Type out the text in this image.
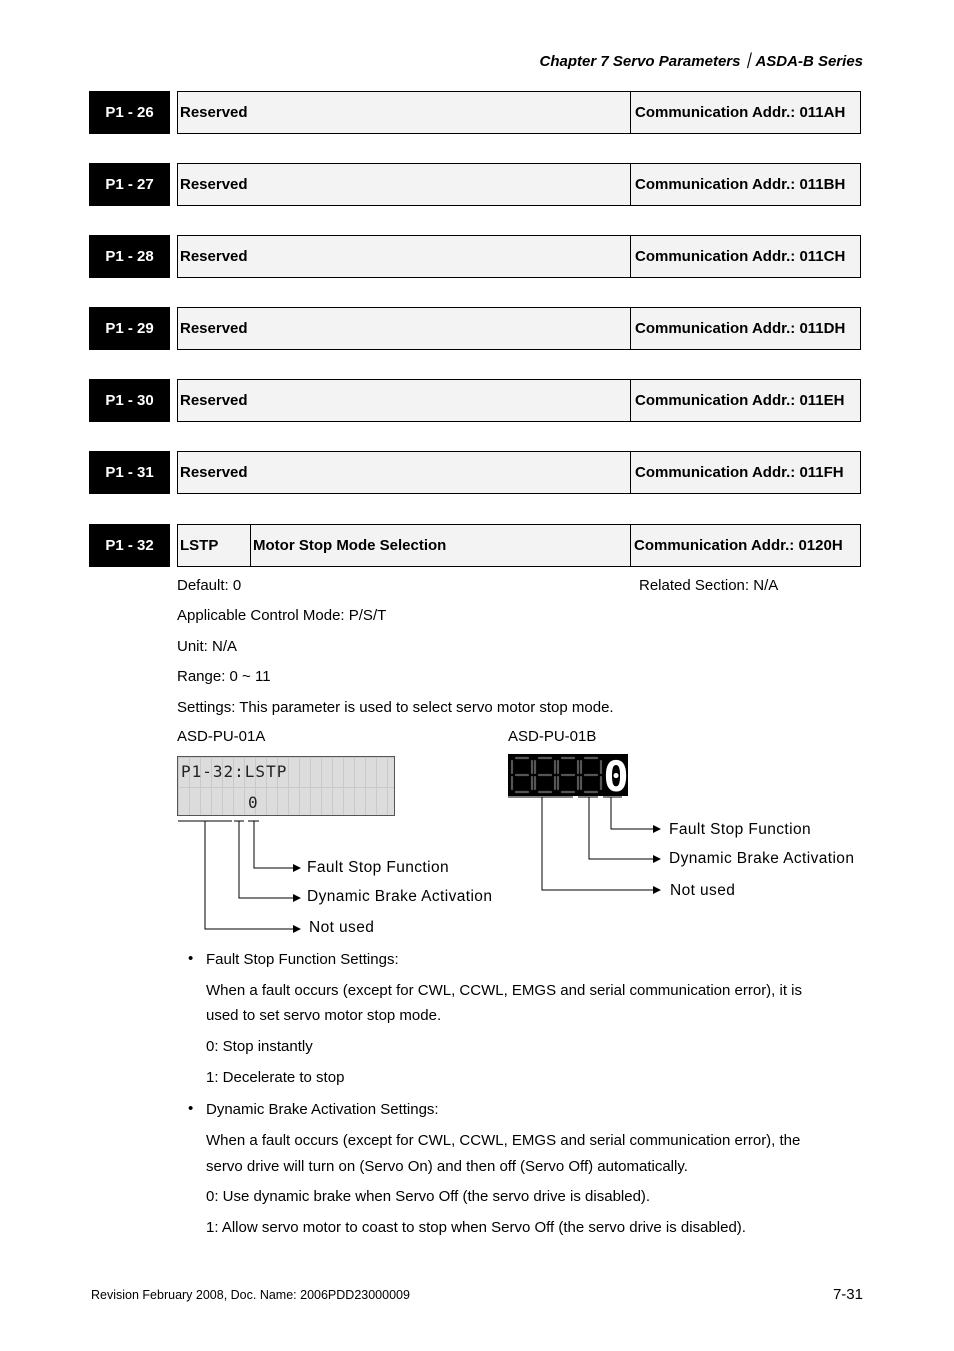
Chapter 7 Servo Parameters｜ASDA-B Series
P1 - 26	Reserved	Communication Addr.: 011AH
P1 - 27	Reserved	Communication Addr.: 011BH
P1 - 28	Reserved	Communication Addr.: 011CH
P1 - 29	Reserved	Communication Addr.: 011DH
P1 - 30	Reserved	Communication Addr.: 011EH
P1 - 31	Reserved	Communication Addr.: 011FH
P1 - 32	LSTP	Motor Stop Mode Selection	Communication Addr.: 0120H
Default: 0	Related Section: N/A
Applicable Control Mode: P/S/T
Unit: N/A
Range: 0 ~ 11
Settings: This parameter is used to select servo motor stop mode.
ASD-PU-01A	ASD-PU-01B
P1-32:LSTP
0
0
Fault Stop Function
Dynamic Brake Activation
Not used
Fault Stop Function
Dynamic Brake Activation
Not used
• Fault Stop Function Settings:
When a fault occurs (except for CWL, CCWL, EMGS and serial communication error), it is
used to set servo motor stop mode.
0: Stop instantly
1: Decelerate to stop
• Dynamic Brake Activation Settings:
When a fault occurs (except for CWL, CCWL, EMGS and serial communication error), the
servo drive will turn on (Servo On) and then off (Servo Off) automatically.
0: Use dynamic brake when Servo Off (the servo drive is disabled).
1: Allow servo motor to coast to stop when Servo Off (the servo drive is disabled).
Revision February 2008, Doc. Name: 2006PDD23000009	7-31
